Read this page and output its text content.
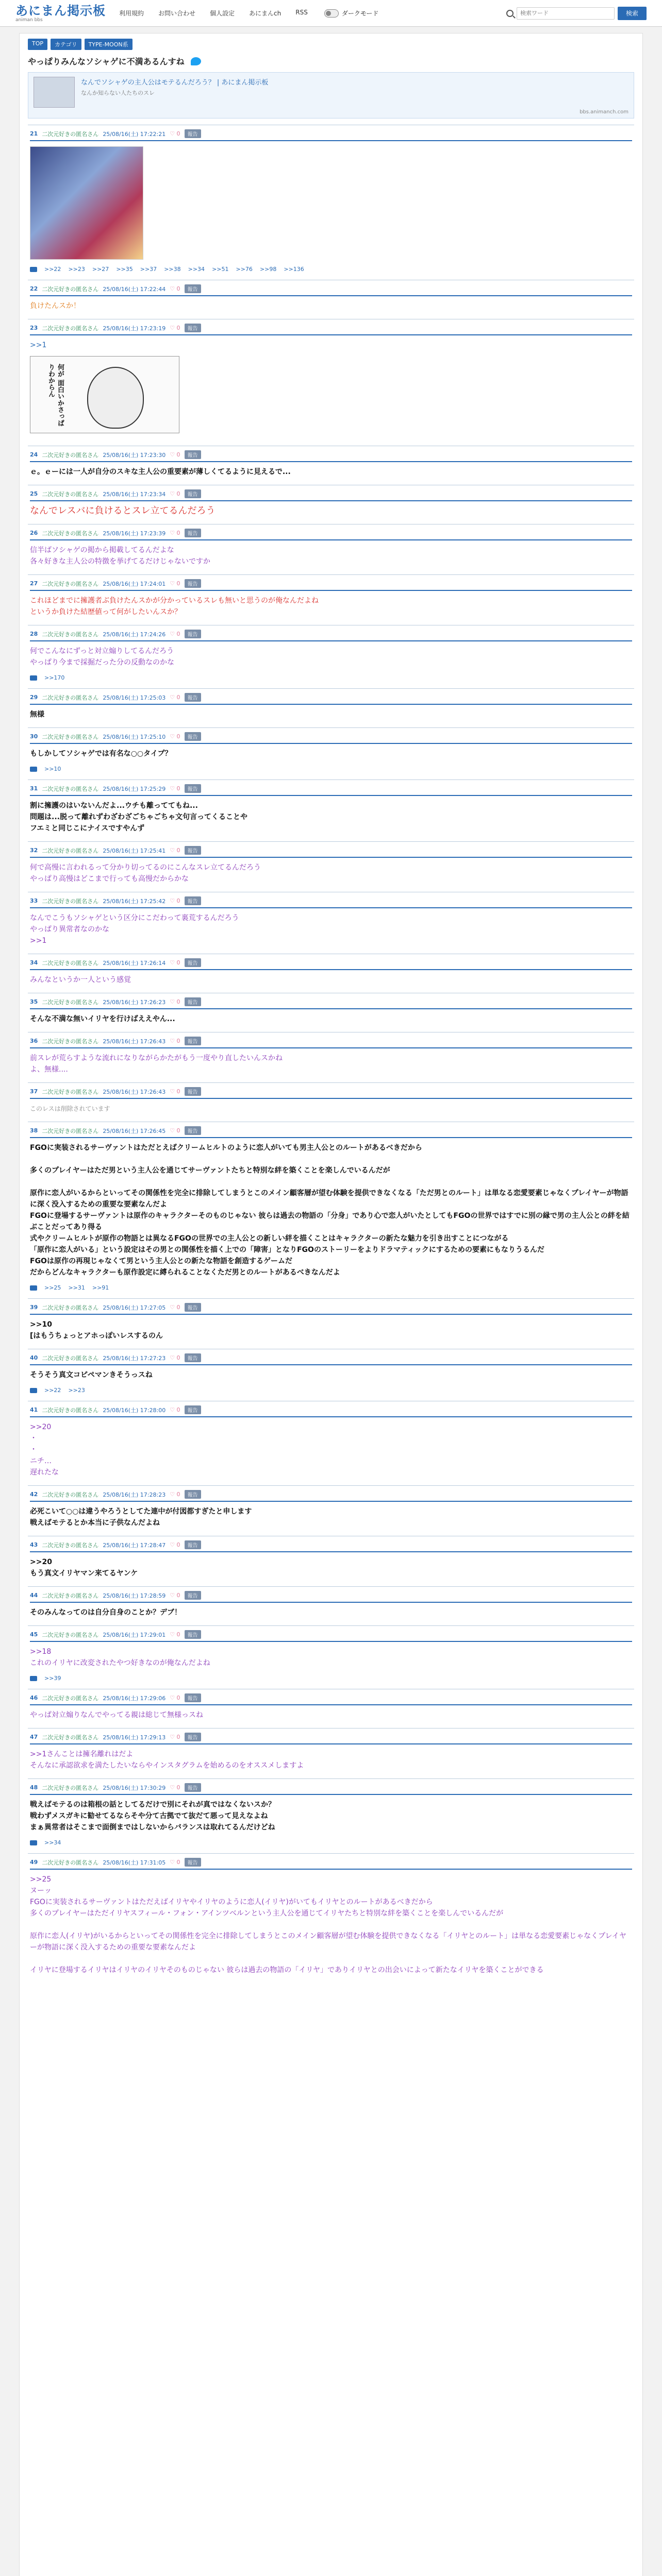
あにまん掲示板
animan bbs
利用規約 お問い合わせ 個人設定 あにまんch RSS	ダークモード
検索ワード	検索
TOP	カテゴリ	TYPE-MOON系
やっぱりみんなソシャゲに不満あるんすね
なんでソシャゲの主人公はモテるんだろう？ | あにまん掲示板
なんか知らない人たちのスレ
bbs.animanch.com
21 二次元好きの匿名さん 25/08/16(土) 17:22:21 ♡ 0	報告
>>22 >>23 >>27 >>35 >>37 >>38 >>34 >>51 >>76 >>98 >>136
22 二次元好きの匿名さん 25/08/16(土) 17:22:44 ♡ 0	報告
負けたんスか！
23 二次元好きの匿名さん 25/08/16(土) 17:23:19 ♡ 0	報告
>>1
何が 面白いかさっぱりわからん
24 二次元好きの匿名さん 25/08/16(土) 17:23:30 ♡ 0	報告
ｅ。ｅーには一人が自分のスキな主人公の重要素が薄しくてるように見えるで...
25 二次元好きの匿名さん 25/08/16(土) 17:23:34 ♡ 0	報告
なんでレスバに負けるとスレ立てるんだろう
26 二次元好きの匿名さん 25/08/16(土) 17:23:39 ♡ 0	報告
信半ばソシャゲの掲から掲載してるんだよな
各々好きな主人公の特徴を挙げてるだけじゃないですか
27 二次元好きの匿名さん 25/08/16(土) 17:24:01 ♡ 0	報告
これほどまでに擁護者ぶ負けたんスかが分かっているスレも無いと思うのが俺なんだよね
というか負けた結歴値って何がしたいんスか？
28 二次元好きの匿名さん 25/08/16(土) 17:24:26 ♡ 0	報告
何でこんなにずっと対立煽りしてるんだろう
やっぱり今まで採掘だった分の反動なのかな
>>170
29 二次元好きの匿名さん 25/08/16(土) 17:25:03 ♡ 0	報告
無様
30 二次元好きの匿名さん 25/08/16(土) 17:25:10 ♡ 0	報告
もしかしてソシャゲでは有名な○○タイプ？
>>10
31 二次元好きの匿名さん 25/08/16(土) 17:25:29 ♡ 0	報告
割に擁護のはいないんだよ...ウチも離っててもね...
問題は...脱って離れずわざわざごちゃごちゃ文句言ってくることや
フエミと同じこにナイスですやんず
32 二次元好きの匿名さん 25/08/16(土) 17:25:41 ♡ 0	報告
何で高慢に言われるって分かり切ってるのにこんなスレ立てるんだろう
やっぱり高慢はどこまで行っても高慢だからかな
33 二次元好きの匿名さん 25/08/16(土) 17:25:42 ♡ 0	報告
なんでこうもソシャゲという区分にこだわって裏荒するんだろう
やっぱり異常者なのかな
>>1
34 二次元好きの匿名さん 25/08/16(土) 17:26:14 ♡ 0	報告
みんなというか一人という感覚
35 二次元好きの匿名さん 25/08/16(土) 17:26:23 ♡ 0	報告
そんな不満な無いイリヤを行けばええやん...
36 二次元好きの匿名さん 25/08/16(土) 17:26:43 ♡ 0	報告
前スレが荒らすような流れになりながらかたがもう一度やり直したいんスかね
よ、無様....
37 二次元好きの匿名さん 25/08/16(土) 17:26:43 ♡ 0	報告
このレスは削除されています
38 二次元好きの匿名さん 25/08/16(土) 17:26:45 ♡ 0	報告
FGOに実装されるサーヴァントはただとえばクリームヒルトのように恋人がいても男主人公とのルートがあるべきだから

多くのプレイヤーはただ男という主人公を通じてサーヴァントたちと特別な絆を築くことを楽しんでいるんだが

原作に恋人がいるからといってその関係性を完全に排除してしまうとこのメイン顧客層が望む体験を提供できなくなる「ただ男とのルート」は単なる恋愛要素じゃなくプレイヤーが物語に深く没入するための重要な要素なんだよ
FGOに登場するサーヴァントは原作のキャラクターそのものじゃない 彼らは過去の物語の「分身」であり心で恋人がいたとしてもFGOの世界ではすでに別の縁で男の主人公との絆を結ぶことだってあり得る
式やクリームヒルトが原作の物語とは異なるFGOの世界での主人公との新しい絆を描くことはキャラクターの新たな魅力を引き出すことにつながる
「原作に恋人がいる」という設定はその男との関係性を描く上での「障害」となりFGOのストーリーをよりドラマティックにするための要素にもなりうるんだ
FGOは原作の再現じゃなくて男という主人公との新たな物語を創造するゲームだ
だからどんなキャラクターも原作設定に縛られることなくただ男とのルートがあるべきなんだよ
>>25 >>31 >>91
39 二次元好きの匿名さん 25/08/16(土) 17:27:05 ♡ 0	報告
>>10
[はもうちょっとアホっぽいレスするのん
40 二次元好きの匿名さん 25/08/16(土) 17:27:23 ♡ 0	報告
そうそう真文コピペマンきそうっスね
>>22 >>23
41 二次元好きの匿名さん 25/08/16(土) 17:28:00 ♡ 0	報告
>>20
・
・
ニチ…
遅れたな
42 二次元好きの匿名さん 25/08/16(土) 17:28:23 ♡ 0	報告
必死こいて○○は違うやろうとしてた連中が付図都すぎたと申します
戦えばモテるとか本当に子供なんだよね
43 二次元好きの匿名さん 25/08/16(土) 17:28:47 ♡ 0	報告
>>20
もう真文イリヤマン来てるヤンケ
44 二次元好きの匿名さん 25/08/16(土) 17:28:59 ♡ 0	報告
そのみんなってのは自分自身のことか？デブ！
45 二次元好きの匿名さん 25/08/16(土) 17:29:01 ♡ 0	報告
>>18
これのイリヤに改変されたやつ好きなのが俺なんだよね
>>39
46 二次元好きの匿名さん 25/08/16(土) 17:29:06 ♡ 0	報告
やっぱ対立煽りなんでやってる親は総じて無様っスね
47 二次元好きの匿名さん 25/08/16(土) 17:29:13 ♡ 0	報告
>>1さんことは擁名離れはだよ
そんなに承認欲求を満たしたいならやインスタグラムを始めるのをオススメしますよ
48 二次元好きの匿名さん 25/08/16(土) 17:30:29 ♡ 0	報告
戦えばモテるのは箱根の話としてるだけで別にそれが真ではなくないスか？
戦わずメスガキに勧せてるならそや分て古拠でて抜だて悪って見えなよね
まぁ異常者はそこまで面倒まではしないからバランスは取れてるんだけどね
>>34
49 二次元好きの匿名さん 25/08/16(土) 17:31:05 ♡ 0	報告
>>25
ヌーッ
FGOに実装されるサーヴァントはただえばイリヤやイリヤのように恋人(イリヤ)がいてもイリヤとのルートがあるべきだから
多くのプレイヤーはただイリヤスフィール・フォン・アインツベルンという主人公を通じてイリヤたちと特別な絆を築くことを楽しんでいるんだが

原作に恋人(イリヤ)がいるからといってその関係性を完全に排除してしまうとこのメイン顧客層が望む体験を提供できなくなる「イリヤとのルート」は単なる恋愛要素じゃなくプレイヤーが物語に深く没入するための重要な要素なんだよ

イリヤに登場するイリヤはイリヤのイリヤそのものじゃない 彼らは過去の物語の「イリヤ」でありイリヤとの出会いによって新たなイリヤを築くことができる
